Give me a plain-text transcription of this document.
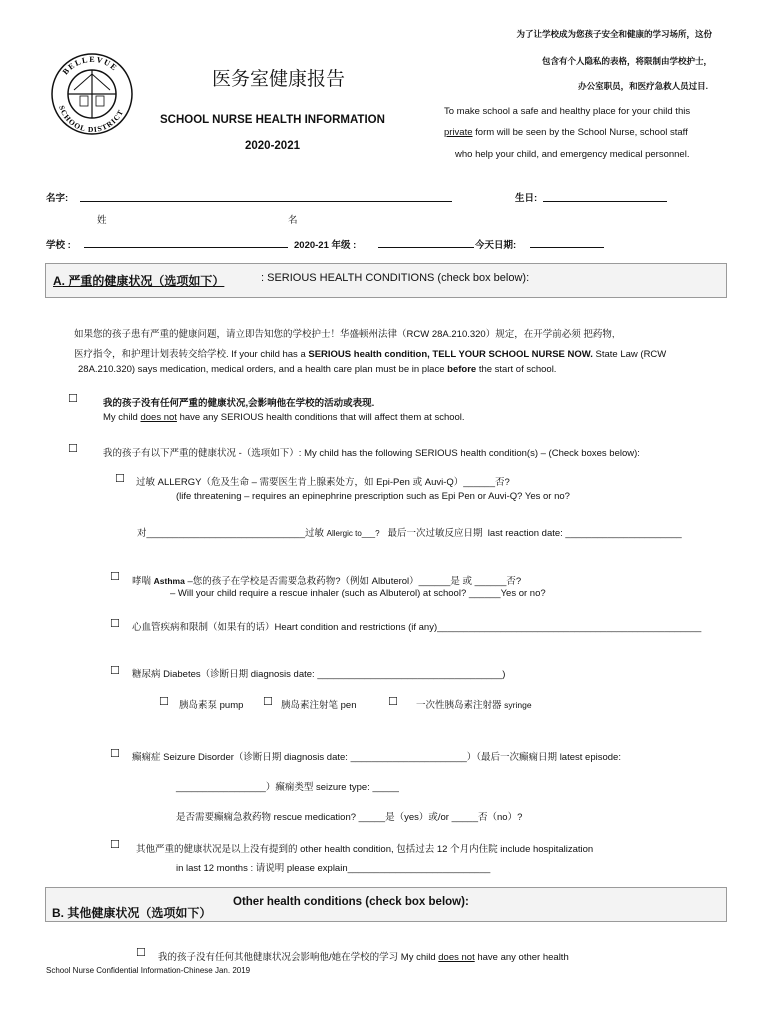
BELLEVUE
SCHOOL DISTRICT
医务室健康报告
SCHOOL NURSE HEALTH INFORMATION
2020-2021
为了让学校成为您孩子安全和健康的学习场所，这份
包含有个人隐私的表格，将限制由学校护士，
办公室职员，和医疗急救人员过目.
To make school a safe and healthy place for your child this
private form will be seen by the School Nurse, school staff
who help your child, and emergency medical personnel.
名字:	生日:
姓	名
学校 :	2020-21 年级 :	今天日期:
A. 严重的健康状况（选项如下）	: SERIOUS HEALTH CONDITIONS (check box below):
如果您的孩子患有严重的健康问题，请立即告知您的学校护士！华盛顿州法律（RCW 28A.210.320）规定，在开学前必须 把药物,
医疗指令，和护理计划表转交给学校. If your child has a SERIOUS health condition, TELL YOUR SCHOOL NURSE NOW. State Law (RCW
28A.210.320) says medication, medical orders, and a health care plan must be in place before the start of school.
☐	我的孩子没有任何严重的健康状况,会影响他在学校的活动或表现.
My child does not have any SERIOUS health conditions that will affect them at school.
☐	我的孩子有以下严重的健康状况 -（选项如下）: My child has the following SERIOUS health condition(s) – (Check boxes below):
☐ 过敏 ALLERGY（危及生命 – 需要医生肯上腺素处方，如 Epi-Pen 或 Auvi-Q）______否?
(life threatening – requires an epinephrine prescription such as Epi Pen or Auvi-Q? Yes or no?
对______________________________过敏 Allergic to___? 最后一次过敏反应日期 last reaction date: ______________________
☐ 哮喘 Asthma –您的孩子在学校是否需要急救药物?（例如 Albuterol）______是 或 ______否?
– Will your child require a rescue inhaler (such as Albuterol) at school? ______Yes or no?
☐ 心血管疾病和限制（如果有的话）Heart condition and restrictions (if any)__________________________________________________
☐ 糖尿病 Diabetes（诊断日期 diagnosis date: ___________________________________)
☐ 胰岛素泵 pump ☐ 胰岛素注射笔 pen	☐ 一次性胰岛素注射器 syringe
☐ 癫痫症 Seizure Disorder（诊断日期 diagnosis date: ______________________）（最后一次癫痫日期 latest episode:
_________________）癫痫类型 seizure type: _____
是否需要癫痫急救药物 rescue medication? _____是（yes）或/or _____否（no）?
☐ 其他严重的健康状况是以上没有提到的 other health condition, 包括过去 12 个月内住院 include hospitalization
in last 12 months : 请说明 please explain___________________________
B. 其他健康状况（选项如下）
Other health conditions (check box below):
☐ 我的孩子没有任何其他健康状况会影响他/她在学校的学习 My child does not have any other health
School Nurse Confidential Information-Chinese Jan. 2019
